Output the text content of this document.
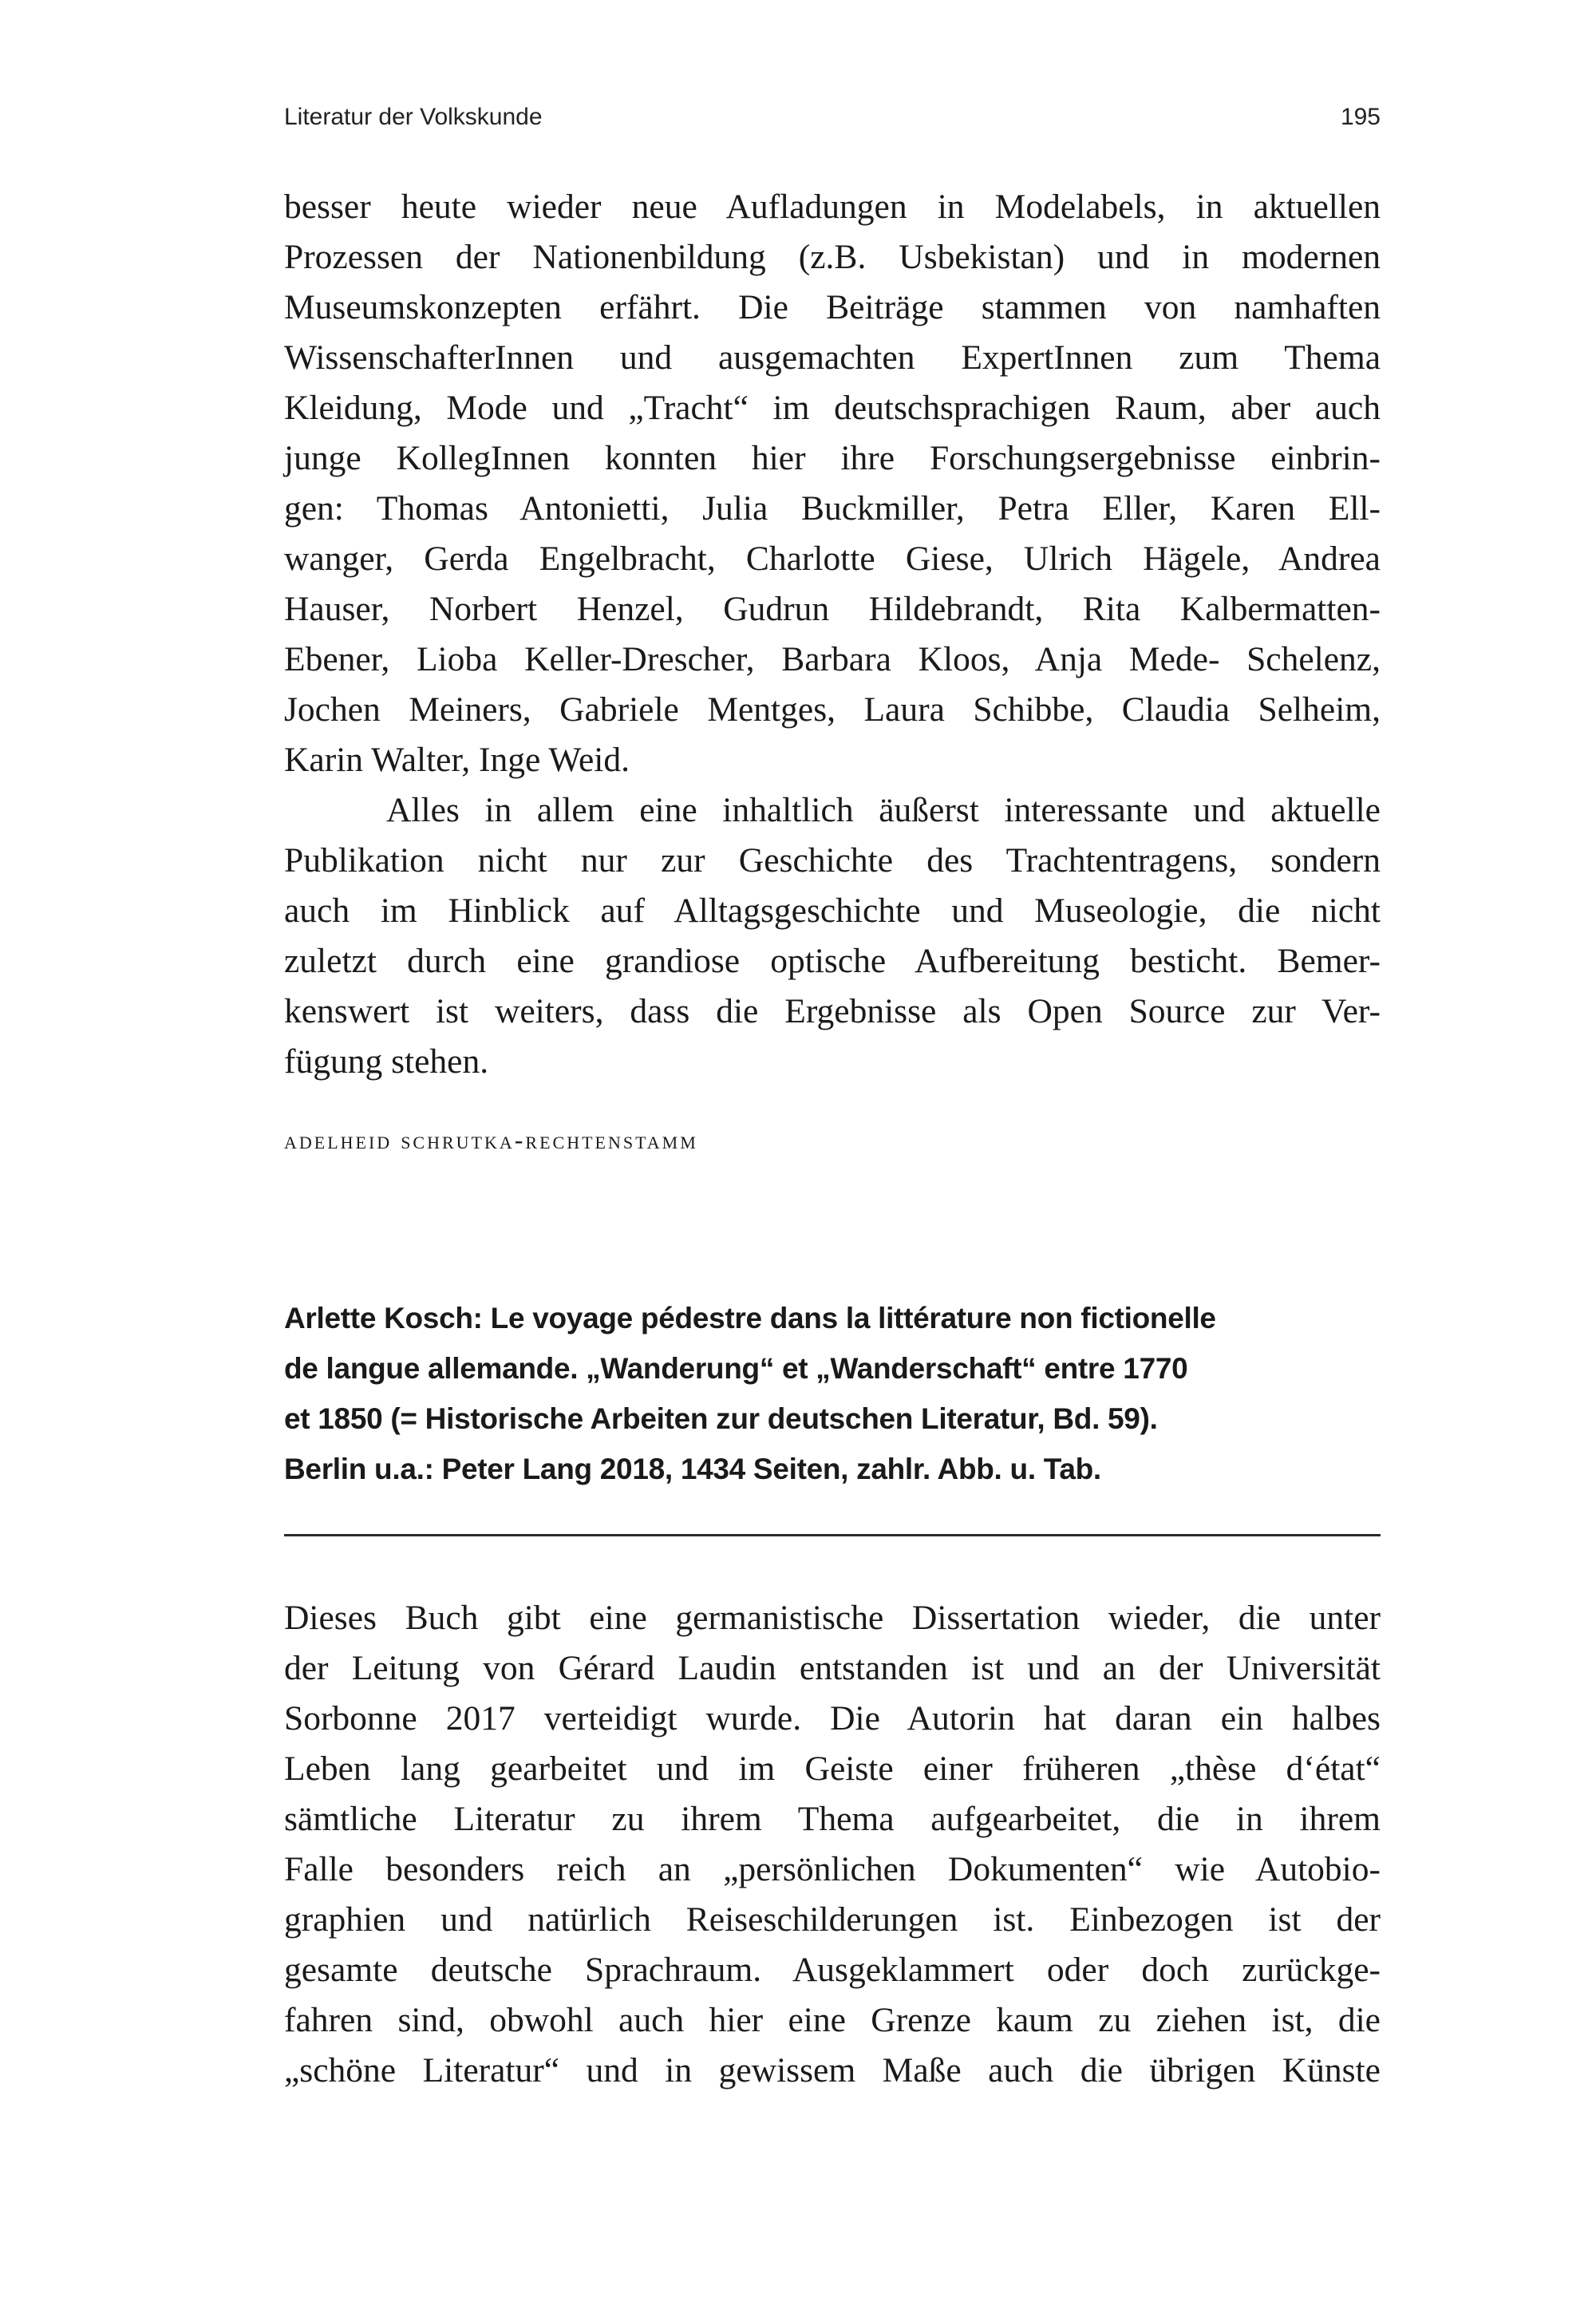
Literatur der Volkskunde	195
besser heute wieder neue Aufladungen in Modelabels, in aktuellen
Prozessen der Nationenbildung (z.B. Usbekistan) und in modernen
Museumskonzepten erfährt. Die Beiträge stammen von namhaften
WissenschafterInnen und ausgemachten ExpertInnen zum Thema
Kleidung, Mode und „Tracht“ im deutschsprachigen Raum, aber auch
junge KollegInnen konnten hier ihre Forschungsergebnisse einbrin-
gen: Thomas Antonietti, Julia Buckmiller, Petra Eller, Karen Ell-
wanger, Gerda Engelbracht, Charlotte Giese, Ulrich Hägele, Andrea
Hauser, Norbert Henzel, Gudrun Hildebrandt, Rita Kalbermatten-
Ebener, Lioba Keller-Drescher, Barbara Kloos, Anja Mede- Schelenz,
Jochen Meiners, Gabriele Mentges, Laura Schibbe, Claudia Selheim,
Karin Walter, Inge Weid.
Alles in allem eine inhaltlich äußerst interessante und aktuelle
Publikation nicht nur zur Geschichte des Trachtentragens, sondern
auch im Hinblick auf Alltagsgeschichte und Museologie, die nicht
zuletzt durch eine grandiose optische Aufbereitung besticht. Bemer-
kenswert ist weiters, dass die Ergebnisse als Open Source zur Ver-
fügung stehen.
adelheid schrutka-rechtenstamm
Arlette Kosch: Le voyage pédestre dans la littérature non fictionelle
de langue allemande. „Wanderung“ et „Wanderschaft“ entre 1770
et 1850 (= Historische Arbeiten zur deutschen Literatur, Bd. 59).
Berlin u.a.: Peter Lang 2018, 1434 Seiten, zahlr. Abb. u. Tab.
Dieses Buch gibt eine germanistische Dissertation wieder, die unter
der Leitung von Gérard Laudin entstanden ist und an der Universität
Sorbonne 2017 verteidigt wurde. Die Autorin hat daran ein halbes
Leben lang gearbeitet und im Geiste einer früheren „thèse d‘état“
sämtliche Literatur zu ihrem Thema aufgearbeitet, die in ihrem
Falle besonders reich an „persönlichen Dokumenten“ wie Autobio-
graphien und natürlich Reiseschilderungen ist. Einbezogen ist der
gesamte deutsche Sprachraum. Ausgeklammert oder doch zurückge-
fahren sind, obwohl auch hier eine Grenze kaum zu ziehen ist, die
„schöne Literatur“ und in gewissem Maße auch die übrigen Künste
